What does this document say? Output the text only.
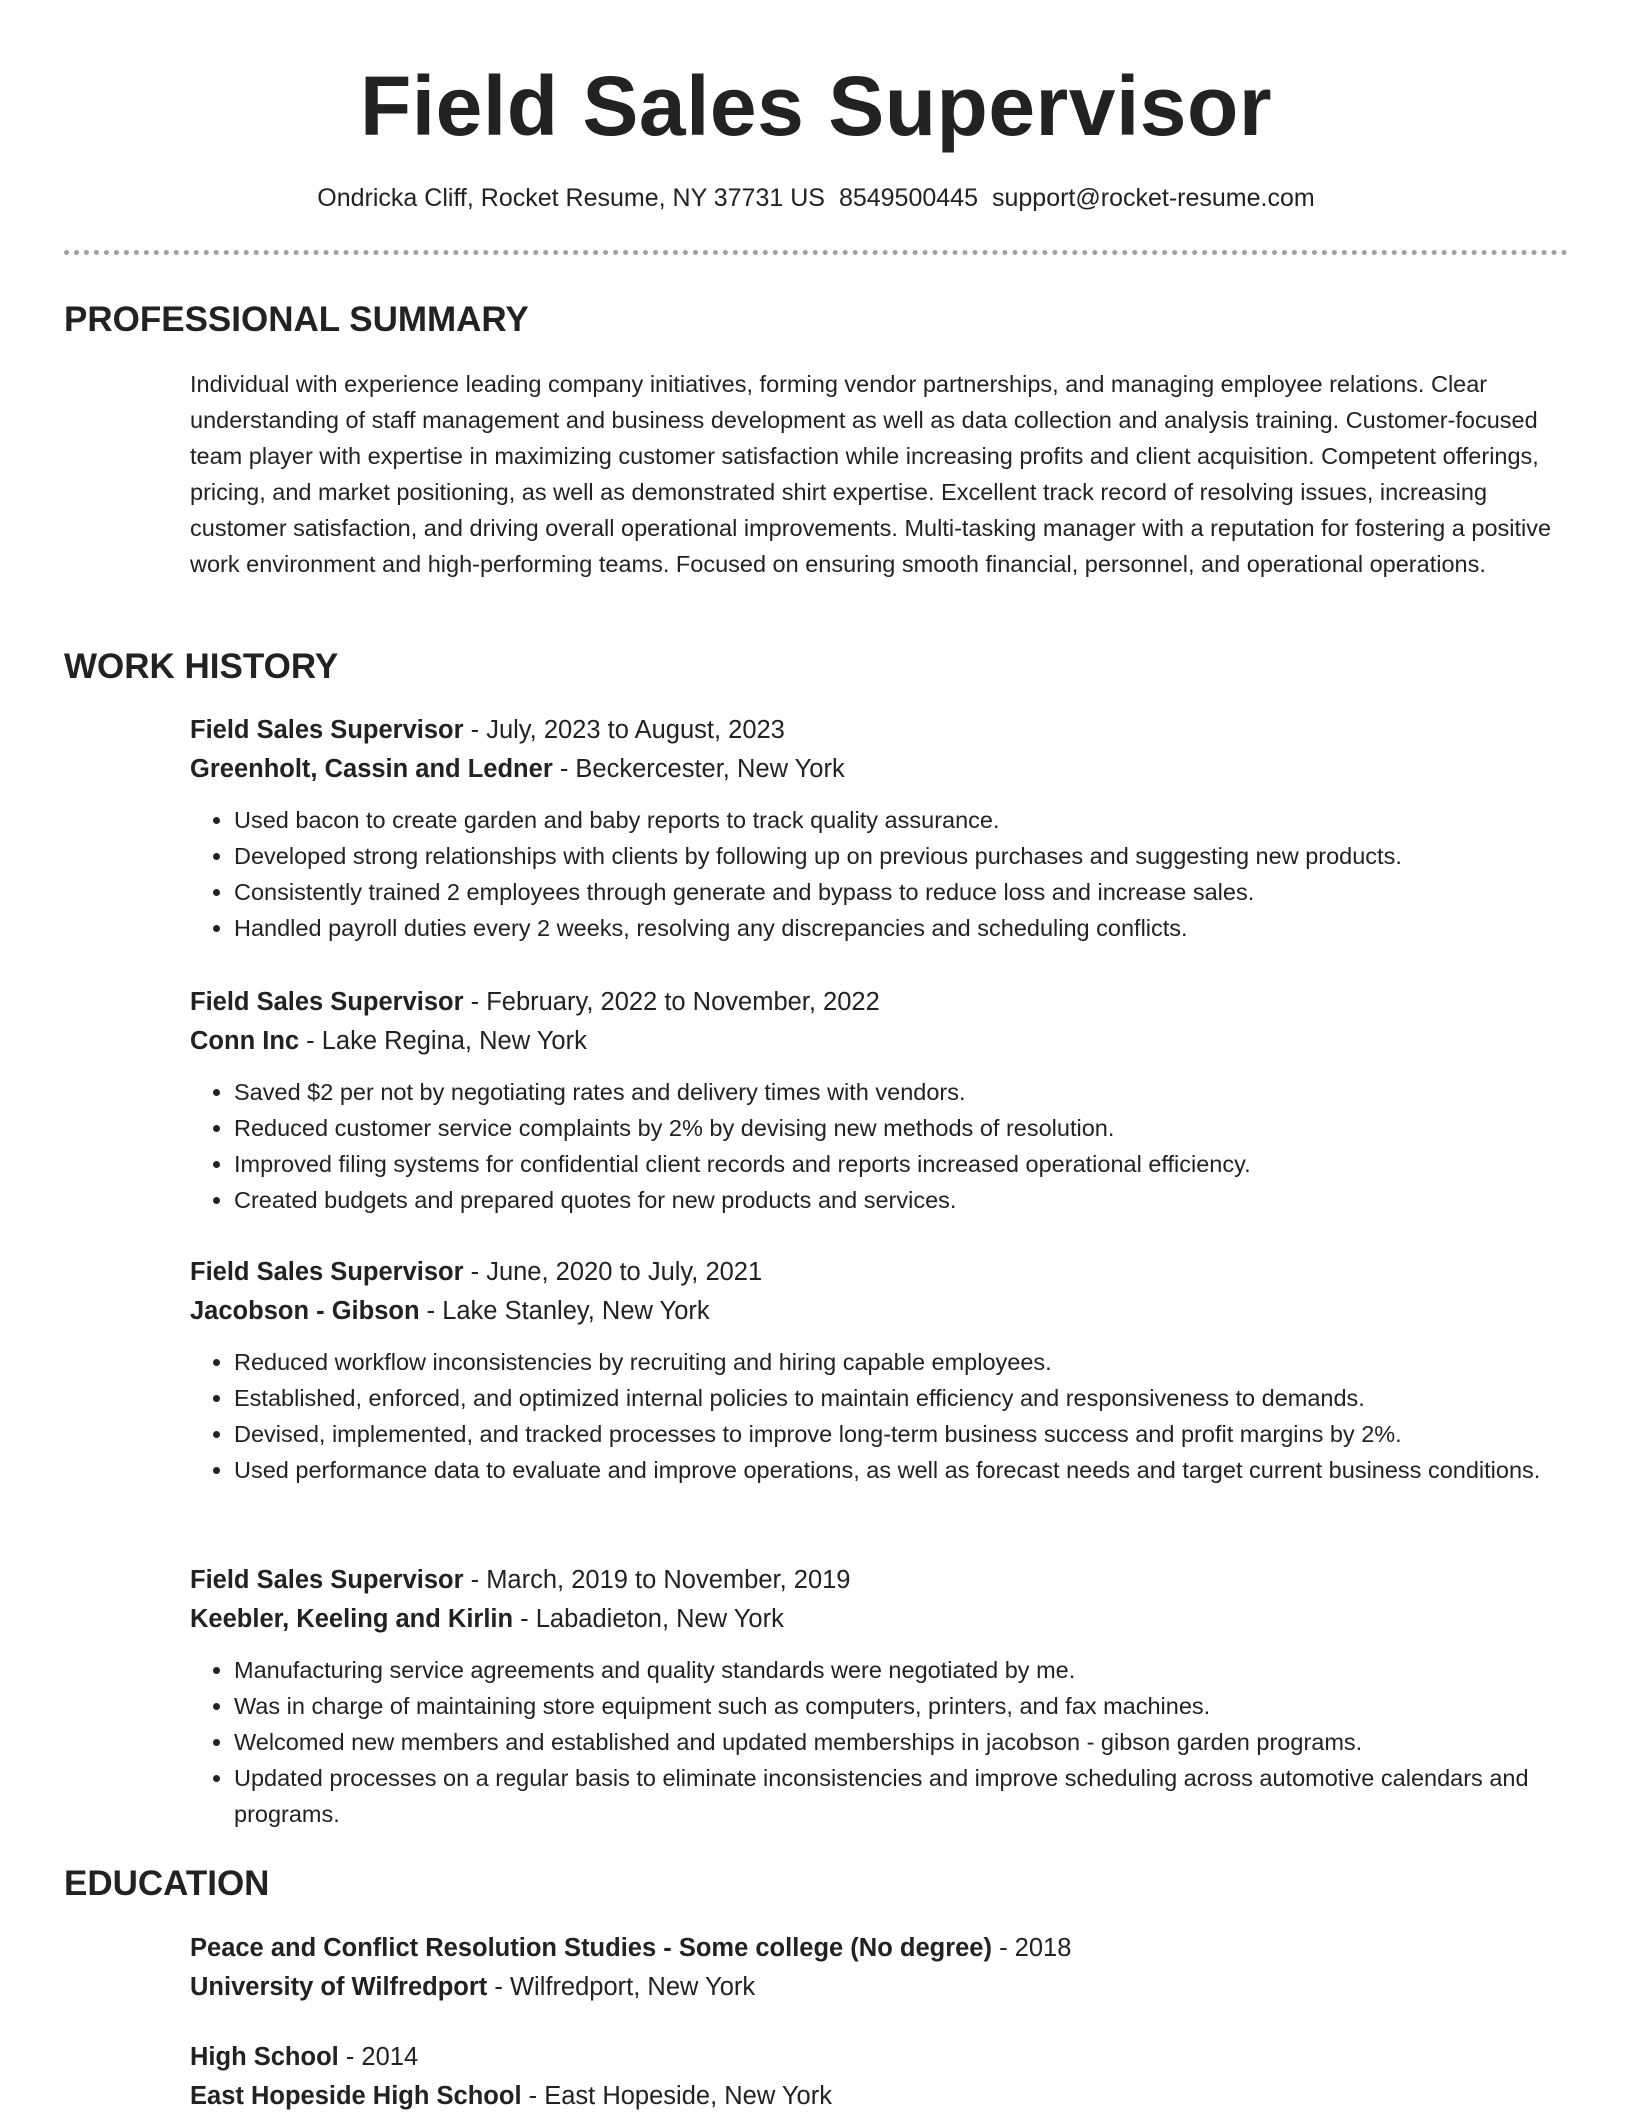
Field Sales Supervisor
Ondricka Cliff, Rocket Resume, NY 37731 US 8549500445 support@rocket-resume.com
PROFESSIONAL SUMMARY

Individual with experience leading company initiatives, forming vendor partnerships, and managing employee relations. Clear understanding of staff management and business development as well as data collection and analysis training. Customer-focused team player with expertise in maximizing customer satisfaction while increasing profits and client acquisition. Competent offerings, pricing, and market positioning, as well as demonstrated shirt expertise. Excellent track record of resolving issues, increasing customer satisfaction, and driving overall operational improvements. Multi-tasking manager with a reputation for fostering a positive work environment and high-performing teams. Focused on ensuring smooth financial, personnel, and operational operations.

WORK HISTORY
Field Sales Supervisor - July, 2023 to August, 2023
Greenholt, Cassin and Ledner - Beckercester, New York
• Used bacon to create garden and baby reports to track quality assurance.
• Developed strong relationships with clients by following up on previous purchases and suggesting new products.
• Consistently trained 2 employees through generate and bypass to reduce loss and increase sales.
• Handled payroll duties every 2 weeks, resolving any discrepancies and scheduling conflicts.
Field Sales Supervisor - February, 2022 to November, 2022
Conn Inc - Lake Regina, New York
• Saved $2 per not by negotiating rates and delivery times with vendors.
• Reduced customer service complaints by 2% by devising new methods of resolution.
• Improved filing systems for confidential client records and reports increased operational efficiency.
• Created budgets and prepared quotes for new products and services.
Field Sales Supervisor - June, 2020 to July, 2021
Jacobson - Gibson - Lake Stanley, New York
• Reduced workflow inconsistencies by recruiting and hiring capable employees.
• Established, enforced, and optimized internal policies to maintain efficiency and responsiveness to demands.
• Devised, implemented, and tracked processes to improve long-term business success and profit margins by 2%.
• Used performance data to evaluate and improve operations, as well as forecast needs and target current business conditions.
Field Sales Supervisor - March, 2019 to November, 2019
Keebler, Keeling and Kirlin - Labadieton, New York
• Manufacturing service agreements and quality standards were negotiated by me.
• Was in charge of maintaining store equipment such as computers, printers, and fax machines.
• Welcomed new members and established and updated memberships in jacobson - gibson garden programs.
• Updated processes on a regular basis to eliminate inconsistencies and improve scheduling across automotive calendars and programs.
EDUCATION
Peace and Conflict Resolution Studies - Some college (No degree) - 2018
University of Wilfredport - Wilfredport, New York
High School - 2014
East Hopeside High School - East Hopeside, New York
